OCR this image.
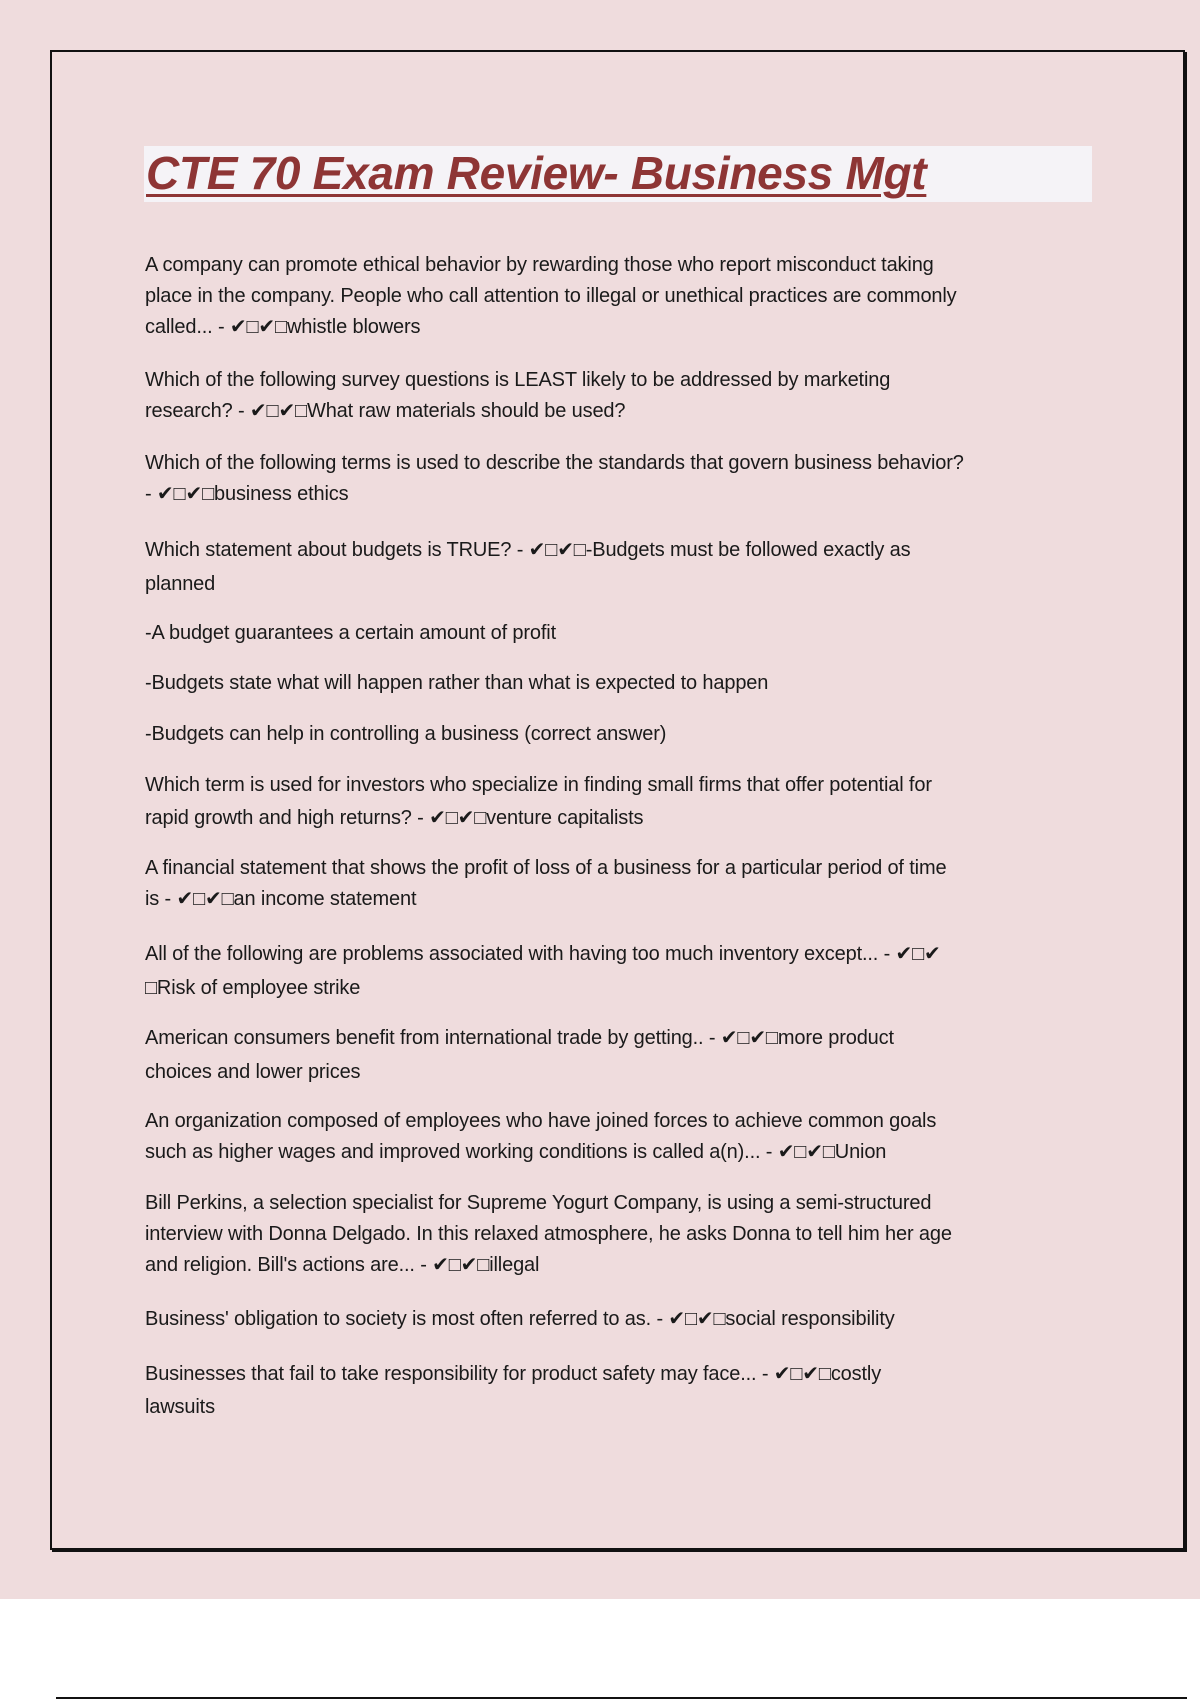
CTE 70 Exam Review- Business Mgt
A company can promote ethical behavior by rewarding those who report misconduct taking
place in the company. People who call attention to illegal or unethical practices are commonly
called... - ✔□✔□whistle blowers
Which of the following survey questions is LEAST likely to be addressed by marketing
research? - ✔□✔□What raw materials should be used?
Which of the following terms is used to describe the standards that govern business behavior?
- ✔□✔□business ethics
Which statement about budgets is TRUE? - ✔□✔□-Budgets must be followed exactly as
planned
-A budget guarantees a certain amount of profit
-Budgets state what will happen rather than what is expected to happen
-Budgets can help in controlling a business (correct answer)
Which term is used for investors who specialize in finding small firms that offer potential for
rapid growth and high returns? - ✔□✔□venture capitalists
A financial statement that shows the profit of loss of a business for a particular period of time
is - ✔□✔□an income statement
All of the following are problems associated with having too much inventory except... - ✔□✔
□Risk of employee strike
American consumers benefit from international trade by getting.. - ✔□✔□more product
choices and lower prices
An organization composed of employees who have joined forces to achieve common goals
such as higher wages and improved working conditions is called a(n)... - ✔□✔□Union
Bill Perkins, a selection specialist for Supreme Yogurt Company, is using a semi-structured
interview with Donna Delgado. In this relaxed atmosphere, he asks Donna to tell him her age
and religion. Bill's actions are... - ✔□✔□illegal
Business' obligation to society is most often referred to as. - ✔□✔□social responsibility
Businesses that fail to take responsibility for product safety may face... - ✔□✔□costly
lawsuits
